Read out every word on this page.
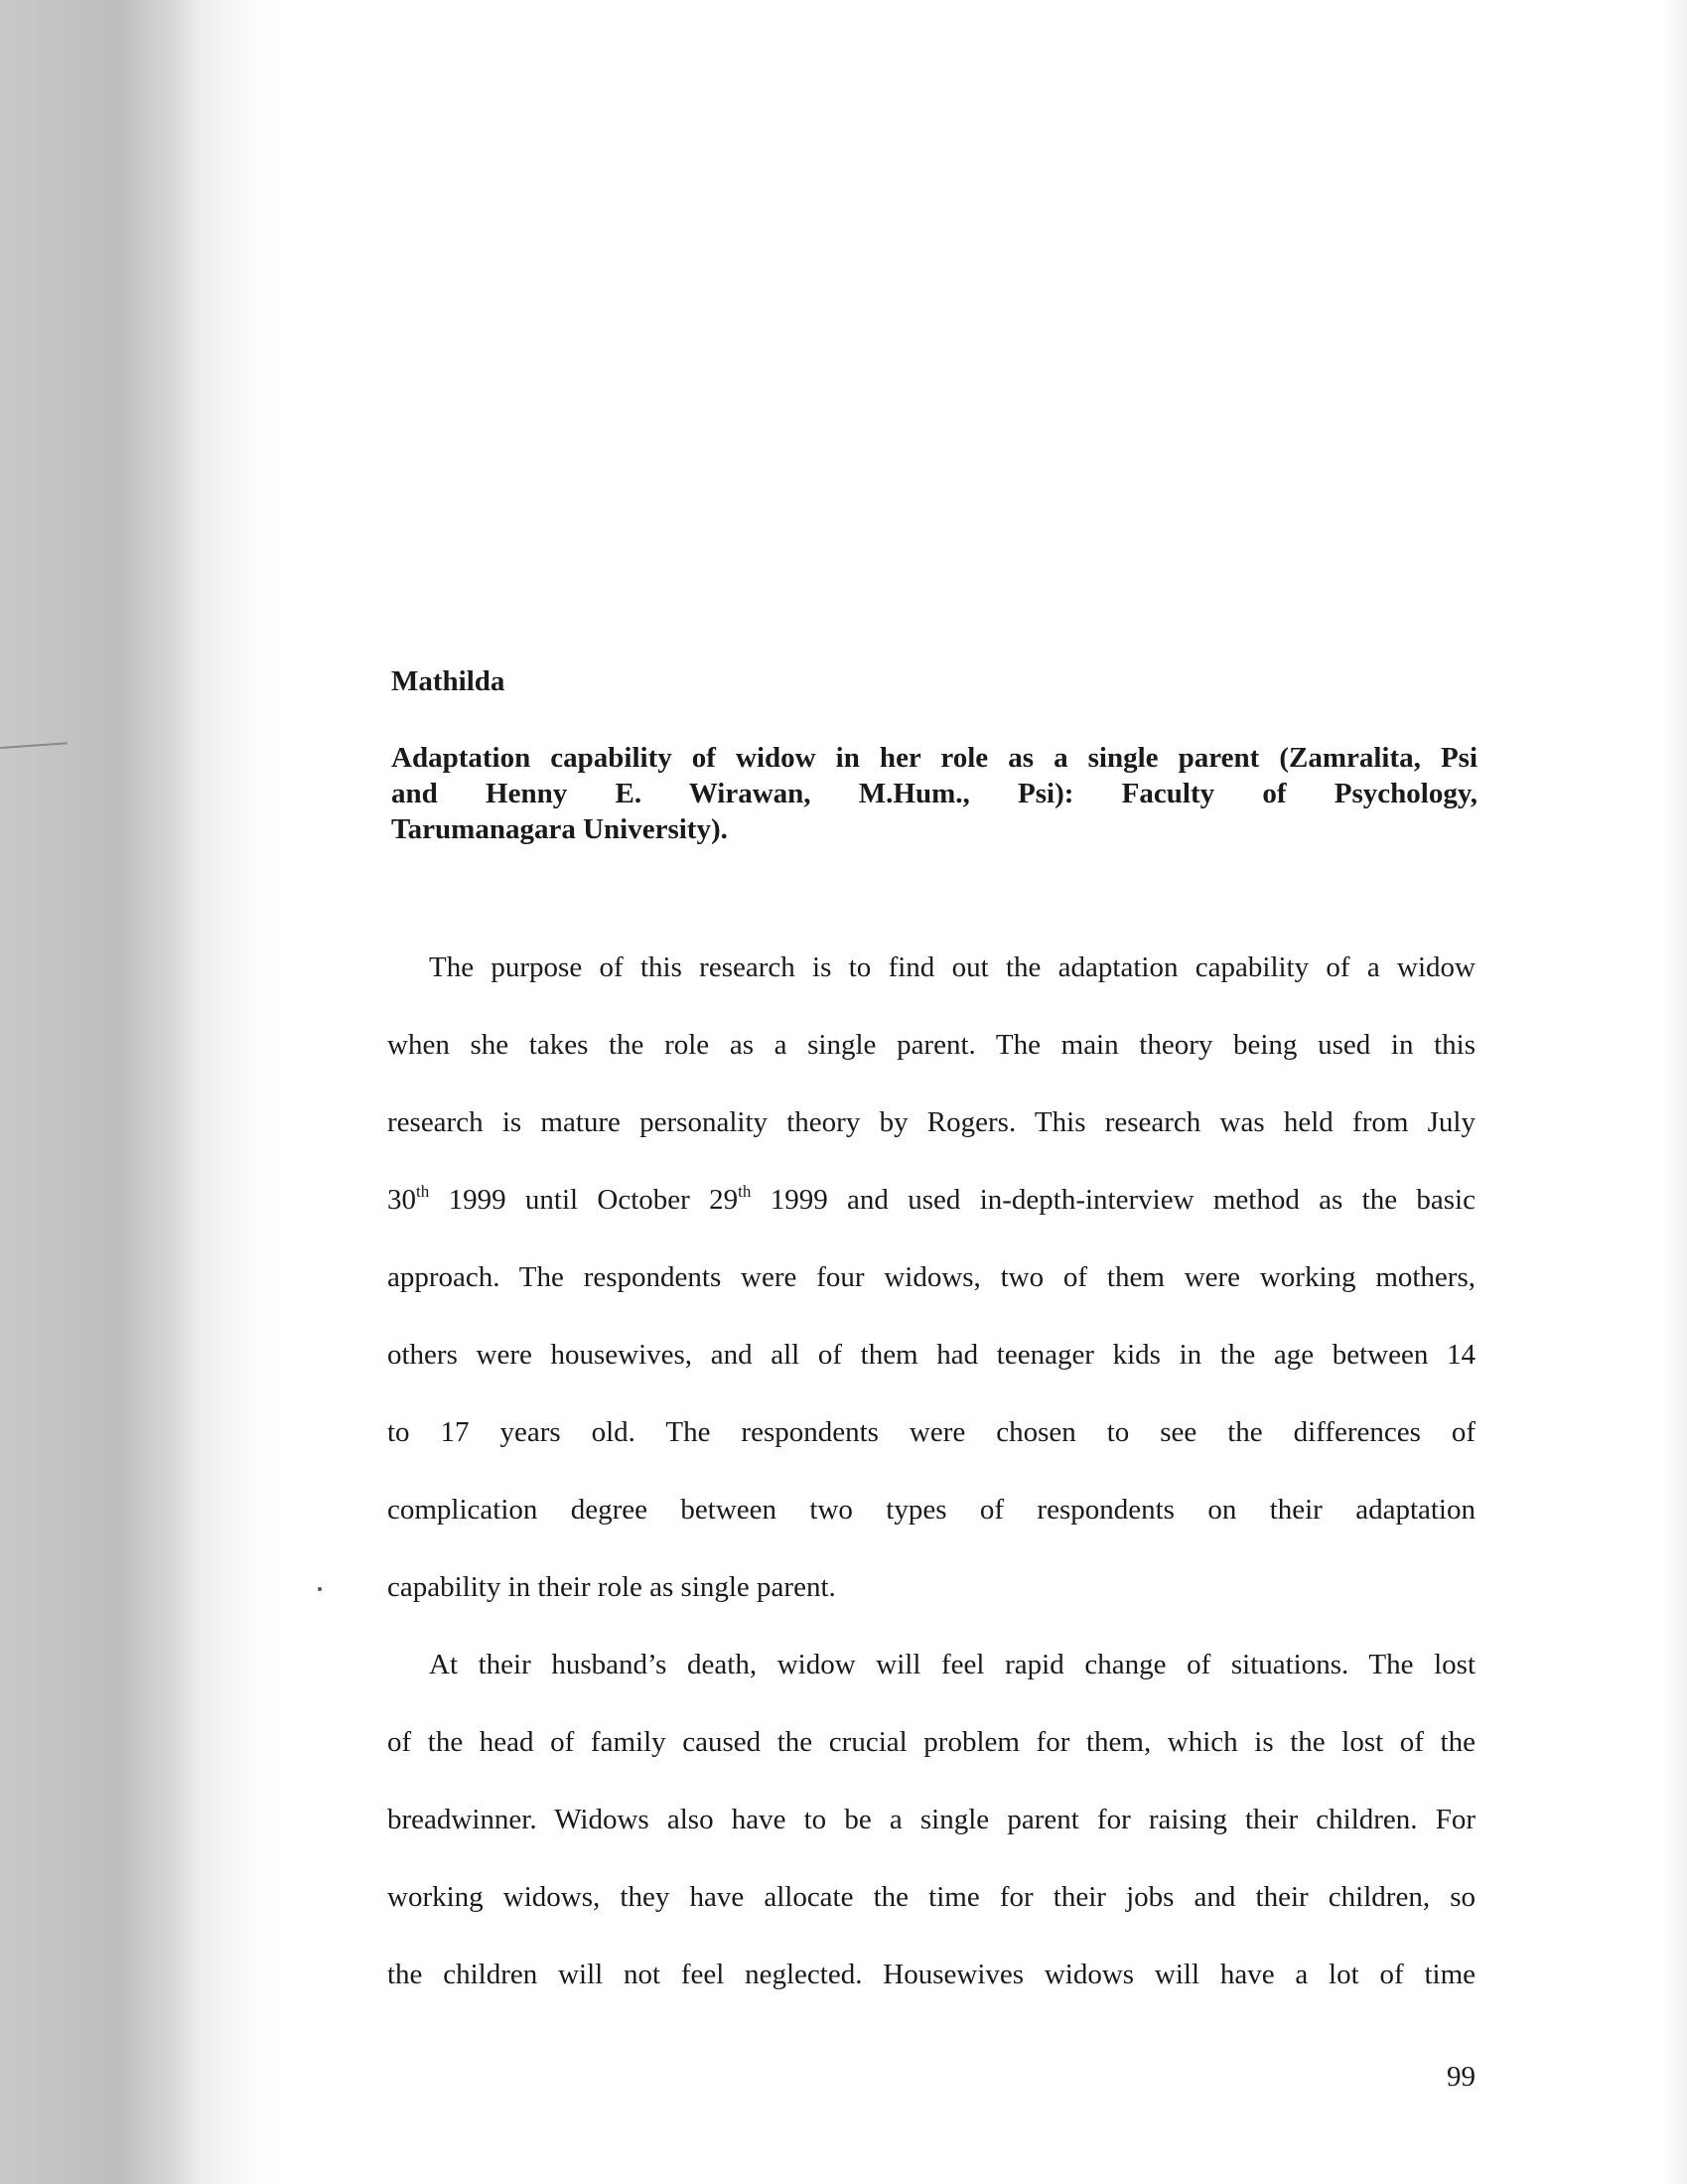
Mathilda
Adaptation capability of widow in her role as a single parent (Zamralita, Psi
and Henny E. Wirawan, M.Hum., Psi): Faculty of Psychology,
Tarumanagara University).
The purpose of this research is to find out the adaptation capability of a widow
when she takes the role as a single parent. The main theory being used in this
research is mature personality theory by Rogers. This research was held from July
30th 1999 until October 29th 1999 and used in-depth-interview method as the basic
approach. The respondents were four widows, two of them were working mothers,
others were housewives, and all of them had teenager kids in the age between 14
to 17 years old. The respondents were chosen to see the differences of
complication degree between two types of respondents on their adaptation
capability in their role as single parent.
At their husband’s death, widow will feel rapid change of situations. The lost
of the head of family caused the crucial problem for them, which is the lost of the
breadwinner. Widows also have to be a single parent for raising their children. For
working widows, they have allocate the time for their jobs and their children, so
the children will not feel neglected. Housewives widows will have a lot of time
99
